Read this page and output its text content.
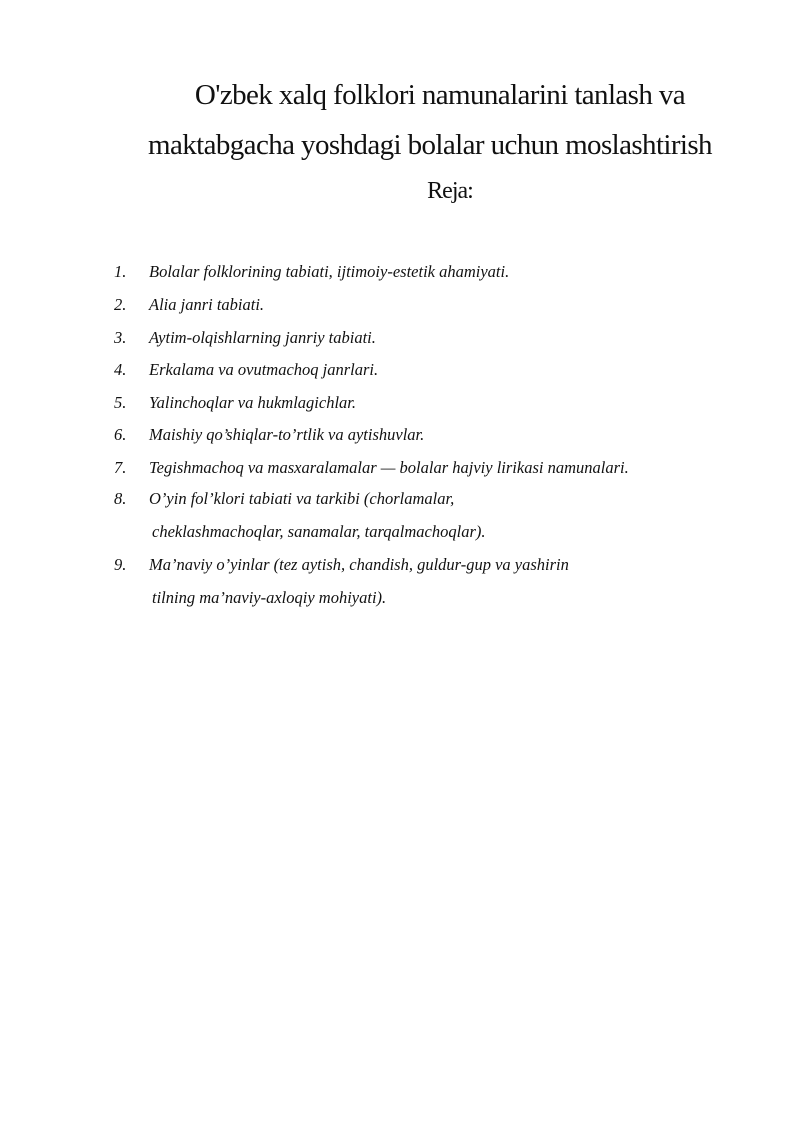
O'zbek xalq folklori namunalarini tanlash va
maktabgacha yoshdagi bolalar uchun moslashtirish
Reja:
1. Bolalar folklorining tabiati, ijtimoiy-estetik ahamiyati.
2. Alia janri tabiati.
3. Aytim-olqishlarning janriy tabiati.
4. Erkalama va ovutmachoq janrlari.
5. Yalinchoqlar va hukmlagichlar.
6. Maishiy qo’shiqlar-to’rtlik va aytishuvlar.
7. Tegishmachoq va masxaralamalar — bolalar hajviy lirikasi namunalari.
8. O’yin fol’klori tabiati va tarkibi (chorlamalar,
cheklashmachoqlar, sanamalar, tarqalmachoqlar).
9. Ma’naviy o’yinlar (tez aytish, chandish, guldur-gup va yashirin
tilning ma’naviy-axloqiy mohiyati).
